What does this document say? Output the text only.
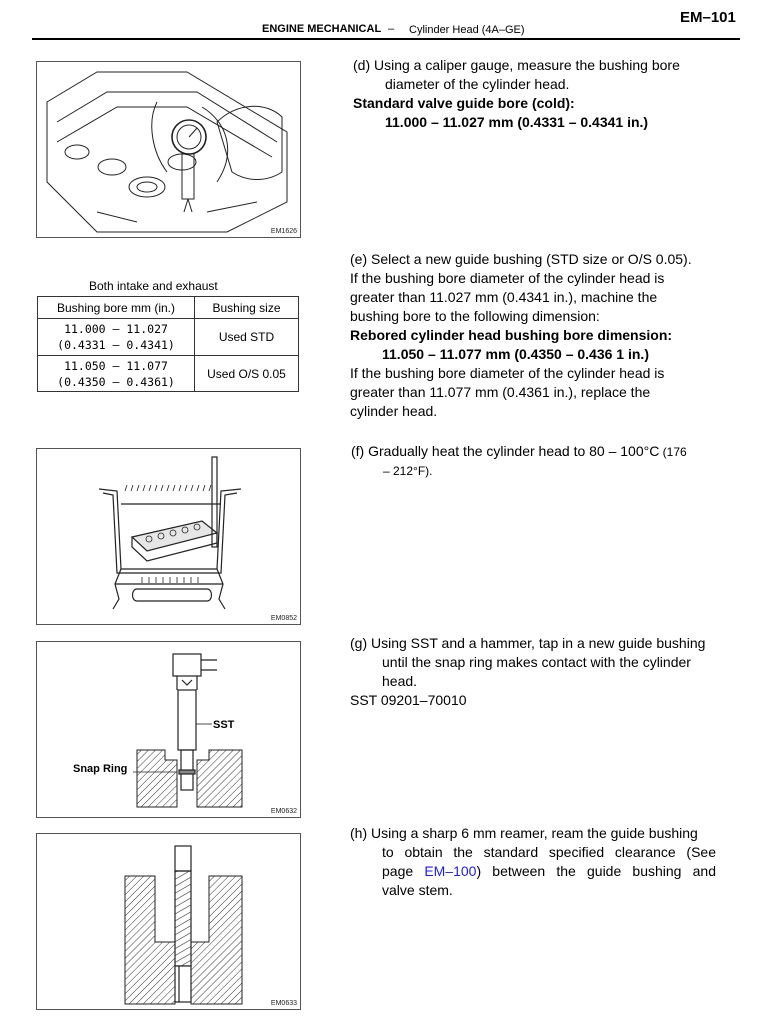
ENGINE MECHANICAL – Cylinder Head (4A–GE)
EM–101
EM1626
Both intake and exhaust
Bushing bore mm (in.)	Bushing size

11.000 – 11.027
(0.4331 – 0.4341)	Used STD

11.050 – 11.077
(0.4350 – 0.4361)	Used O/S 0.05
EM0852
SST
Snap Ring
EM0632
EM0633
(d) Using a caliper gauge, measure the bushing bore
diameter of the cylinder head.
Standard valve guide bore (cold):
11.000 – 11.027 mm (0.4331 – 0.4341 in.)
(e) Select a new guide bushing (STD size or O/S 0.05).
If the bushing bore diameter of the cylinder head is
greater than 11.027 mm (0.4341 in.), machine the
bushing bore to the following dimension:
Rebored cylinder head bushing bore dimension:
11.050 – 11.077 mm (0.4350 – 0.436 1 in.)
If the bushing bore diameter of the cylinder head is
greater than 11.077 mm (0.4361 in.), replace the
cylinder head.
(f) Gradually heat the cylinder head to 80 – 100°C (176
– 212°F).
(g) Using SST and a hammer, tap in a new guide bushing
until the snap ring makes contact with the cylinder
head.
SST 09201–70010
(h) Using a sharp 6 mm reamer, ream the guide bushing
to obtain the standard specified clearance (See
page EM–100) between the guide bushing and
valve stem.
